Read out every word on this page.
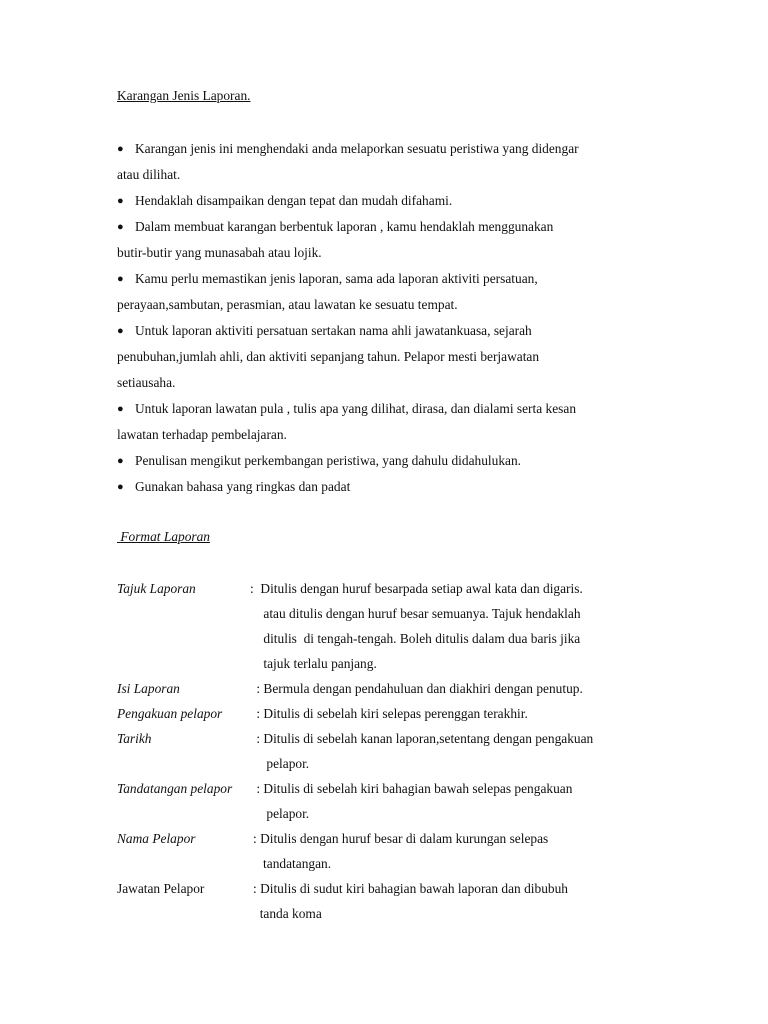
Karangan Jenis Laporan.
● Karangan jenis ini menghendaki anda melaporkan sesuatu peristiwa yang didengar
atau dilihat.
● Hendaklah disampaikan dengan tepat dan mudah difahami.
● Dalam membuat karangan berbentuk laporan , kamu hendaklah menggunakan
butir-butir yang munasabah atau lojik.
● Kamu perlu memastikan jenis laporan, sama ada laporan aktiviti persatuan,
perayaan,sambutan, perasmian, atau lawatan ke sesuatu tempat.
● Untuk laporan aktiviti persatuan sertakan nama ahli jawatankuasa, sejarah
penubuhan,jumlah ahli, dan aktiviti sepanjang tahun. Pelapor mesti berjawatan
setiausaha.
● Untuk laporan lawatan pula , tulis apa yang dilihat, dirasa, dan dialami serta kesan
lawatan terhadap pembelajaran.
● Penulisan mengikut perkembangan peristiwa, yang dahulu didahulukan.
● Gunakan bahasa yang ringkas dan padat
Format Laporan
Tajuk Laporan	:  Ditulis dengan huruf besarpada setiap awal kata dan digaris.
atau ditulis dengan huruf besar semuanya. Tajuk hendaklah
ditulis  di tengah-tengah. Boleh ditulis dalam dua baris jika
tajuk terlalu panjang.
Isi Laporan	: Bermula dengan pendahuluan dan diakhiri dengan penutup.
Pengakuan pelapor : Ditulis di sebelah kiri selepas perenggan terakhir.
Tarikh	: Ditulis di sebelah kanan laporan,setentang dengan pengakuan
pelapor.
Tandatangan pelapor : Ditulis di sebelah kiri bahagian bawah selepas pengakuan
pelapor.
Nama Pelapor	: Ditulis dengan huruf besar di dalam kurungan selepas
tandatangan.
Jawatan Pelapor	: Ditulis di sudut kiri bahagian bawah laporan dan dibubuh
tanda koma
